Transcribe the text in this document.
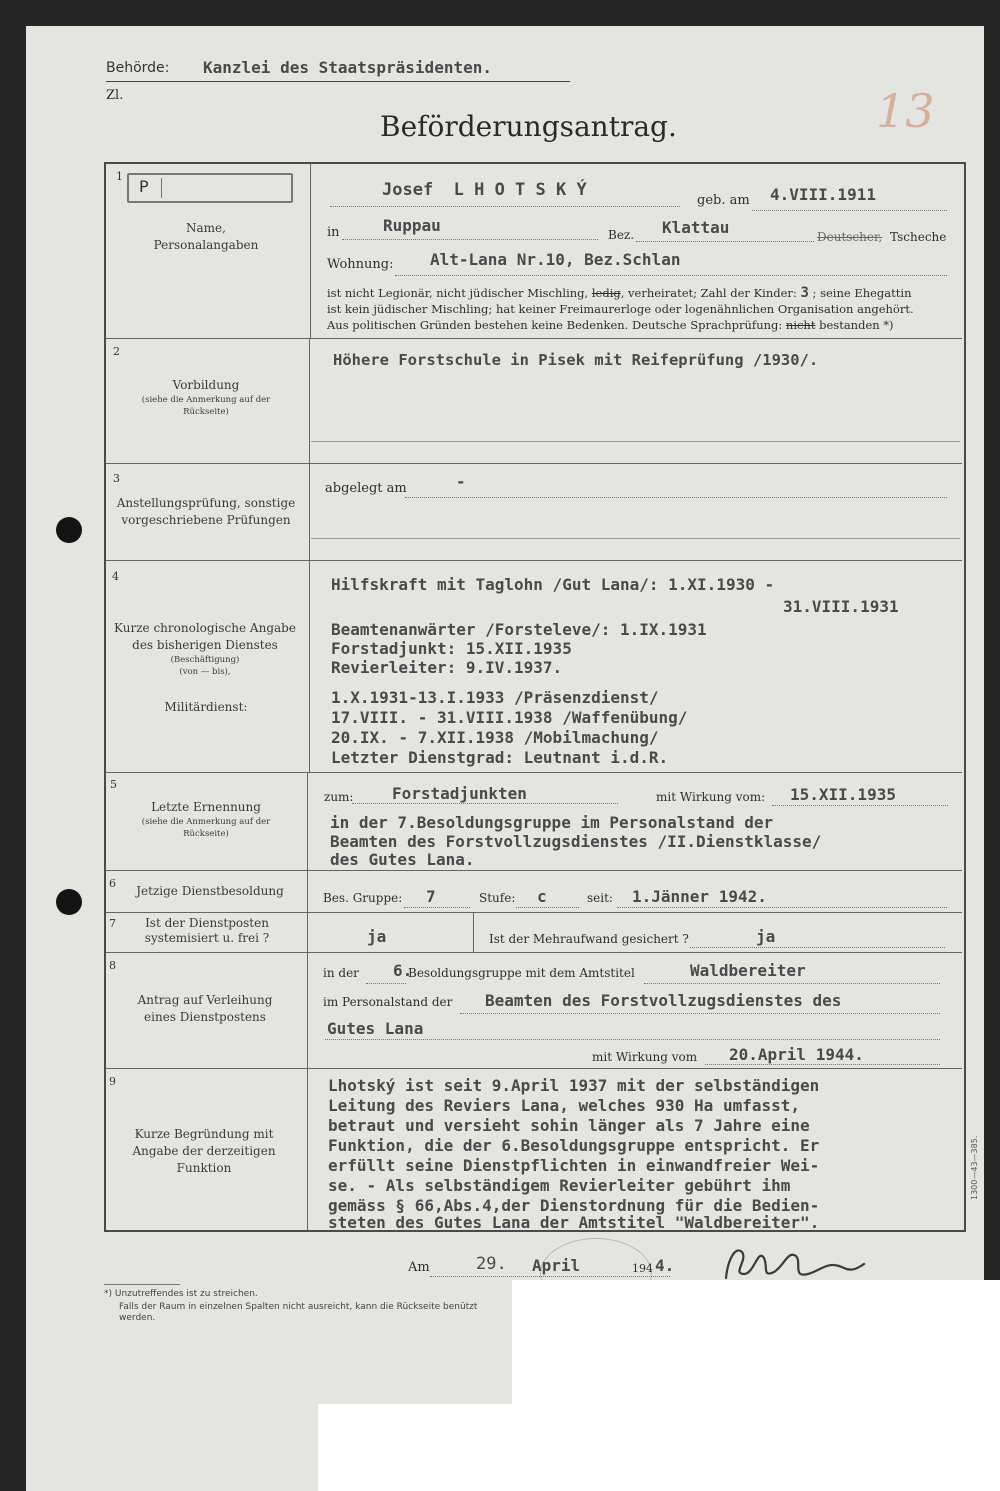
Behörde: Kanzlei des Staatspräsidenten.
Zl.
Beförderungsantrag.	13
1
P
Name, Personalangaben
Josef  L H O T S K Ý
geb. am 4.VIII.1911
in	Ruppau	Bez. Klattau	Deutscher, Tscheche
Wohnung: Alt-Lana Nr.10, Bez.Schlan
ist nicht Legionär, nicht jüdischer Mischling, ledig, verheiratet; Zahl der Kinder: 3 ; seine Ehegattin
ist kein jüdischer Mischling; hat keiner Freimaurerloge oder logenähnlichen Organisation angehört.
Aus politischen Gründen bestehen keine Bedenken. Deutsche Sprachprüfung: nicht bestanden *)
2
Vorbildung
(siehe die Anmerkung auf der Rückseite)
Höhere Forstschule in Pisek mit Reifeprüfung /1930/.
3
Anstellungsprüfung, sonstige vorgeschriebene Prüfungen
abgelegt am	-
4
Kurze chronologische Angabe des bisherigen Dienstes
(Beschäftigung)
(von — bis),
Militärdienst:
Hilfskraft mit Taglohn /Gut Lana/: 1.XI.1930 -
31.VIII.1931
Beamtenanwärter /Forsteleve/: 1.IX.1931
Forstadjunkt: 15.XII.1935
Revierleiter: 9.IV.1937.
1.X.1931-13.I.1933 /Präsenzdienst/
17.VIII. - 31.VIII.1938 /Waffenübung/
20.IX. - 7.XII.1938 /Mobilmachung/
Letzter Dienstgrad: Leutnant i.d.R.
5
Letzte Ernennung
(siehe die Anmerkung auf der Rückseite)
zum: Forstadjunkten	mit Wirkung vom: 15.XII.1935
in der 7.Besoldungsgruppe im Personalstand der
Beamten des Forstvollzugsdienstes /II.Dienstklasse/
des Gutes Lana.
6
Jetzige Dienstbesoldung	Bes. Gruppe: 7	Stufe: c	seit: 1.Jänner 1942.
7	Ist der Dienstposten systemisiert u. frei ?	ja	Ist der Mehraufwand gesichert ?	ja
8
Antrag auf Verleihung eines Dienstpostens
in der 6.
Besoldungsgruppe mit dem Amtstitel	Waldbereiter
im Personalstand der Beamten des Forstvollzugsdienstes des
Gutes Lana
mit Wirkung vom 20.April 1944.
9
Kurze Begründung mit Angabe der derzeitigen Funktion
Lhotský ist seit 9.April 1937 mit der selbständigen
Leitung des Reviers Lana, welches 930 Ha umfasst,
betraut und versieht sohin länger als 7 Jahre eine
Funktion, die der 6.Besoldungsgruppe entspricht. Er
erfüllt seine Dienstpflichten in einwandfreier Wei-
se. - Als selbständigem Revierleiter gebührt ihm
gemäss § 66,Abs.4,der Dienstordnung für die Bedien-
steten des Gutes Lana der Amtstitel "Waldbereiter".
1300—43—385.
Am	29. April	194 4.
*) Unzutreffendes ist zu streichen.
Falls der Raum in einzelnen Spalten nicht ausreicht, kann die Rückseite benützt werden.
